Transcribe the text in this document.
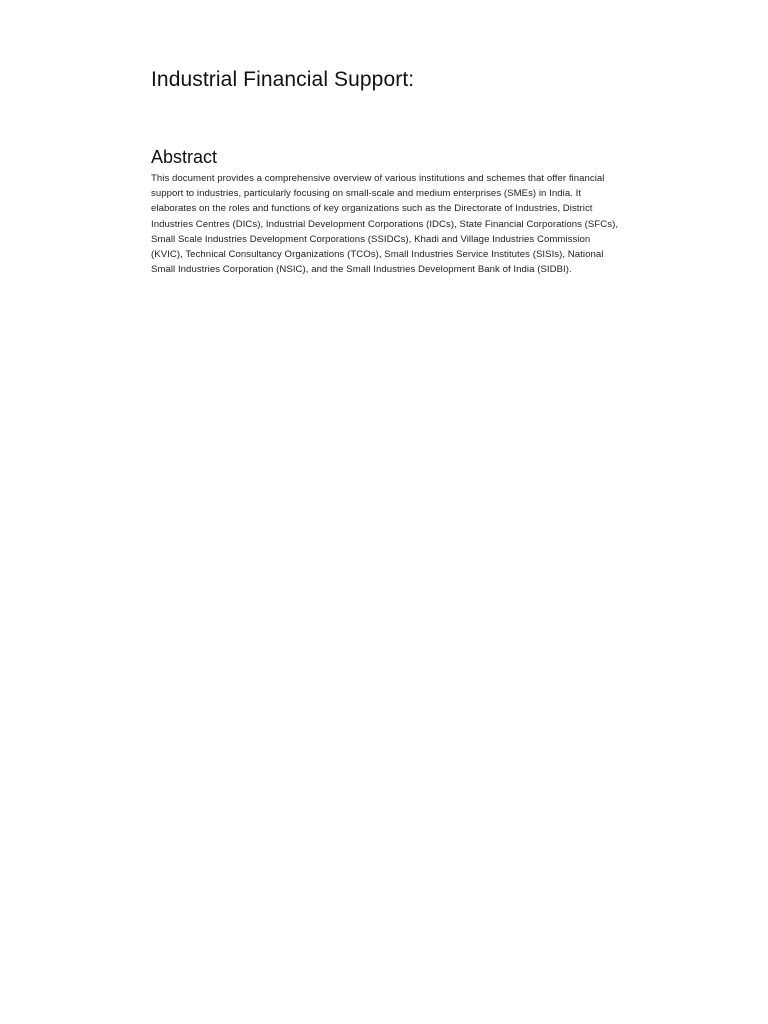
Industrial Financial Support:
Abstract

This document provides a comprehensive overview of various institutions and schemes that offer financial support to industries, particularly focusing on small-scale and medium enterprises (SMEs) in India. It elaborates on the roles and functions of key organizations such as the Directorate of Industries, District Industries Centres (DICs), Industrial Development Corporations (IDCs), State Financial Corporations (SFCs), Small Scale Industries Development Corporations (SSIDCs), Khadi and Village Industries Commission (KVIC), Technical Consultancy Organizations (TCOs), Small Industries Service Institutes (SISIs), National Small Industries Corporation (NSIC), and the Small Industries Development Bank of India (SIDBI).
